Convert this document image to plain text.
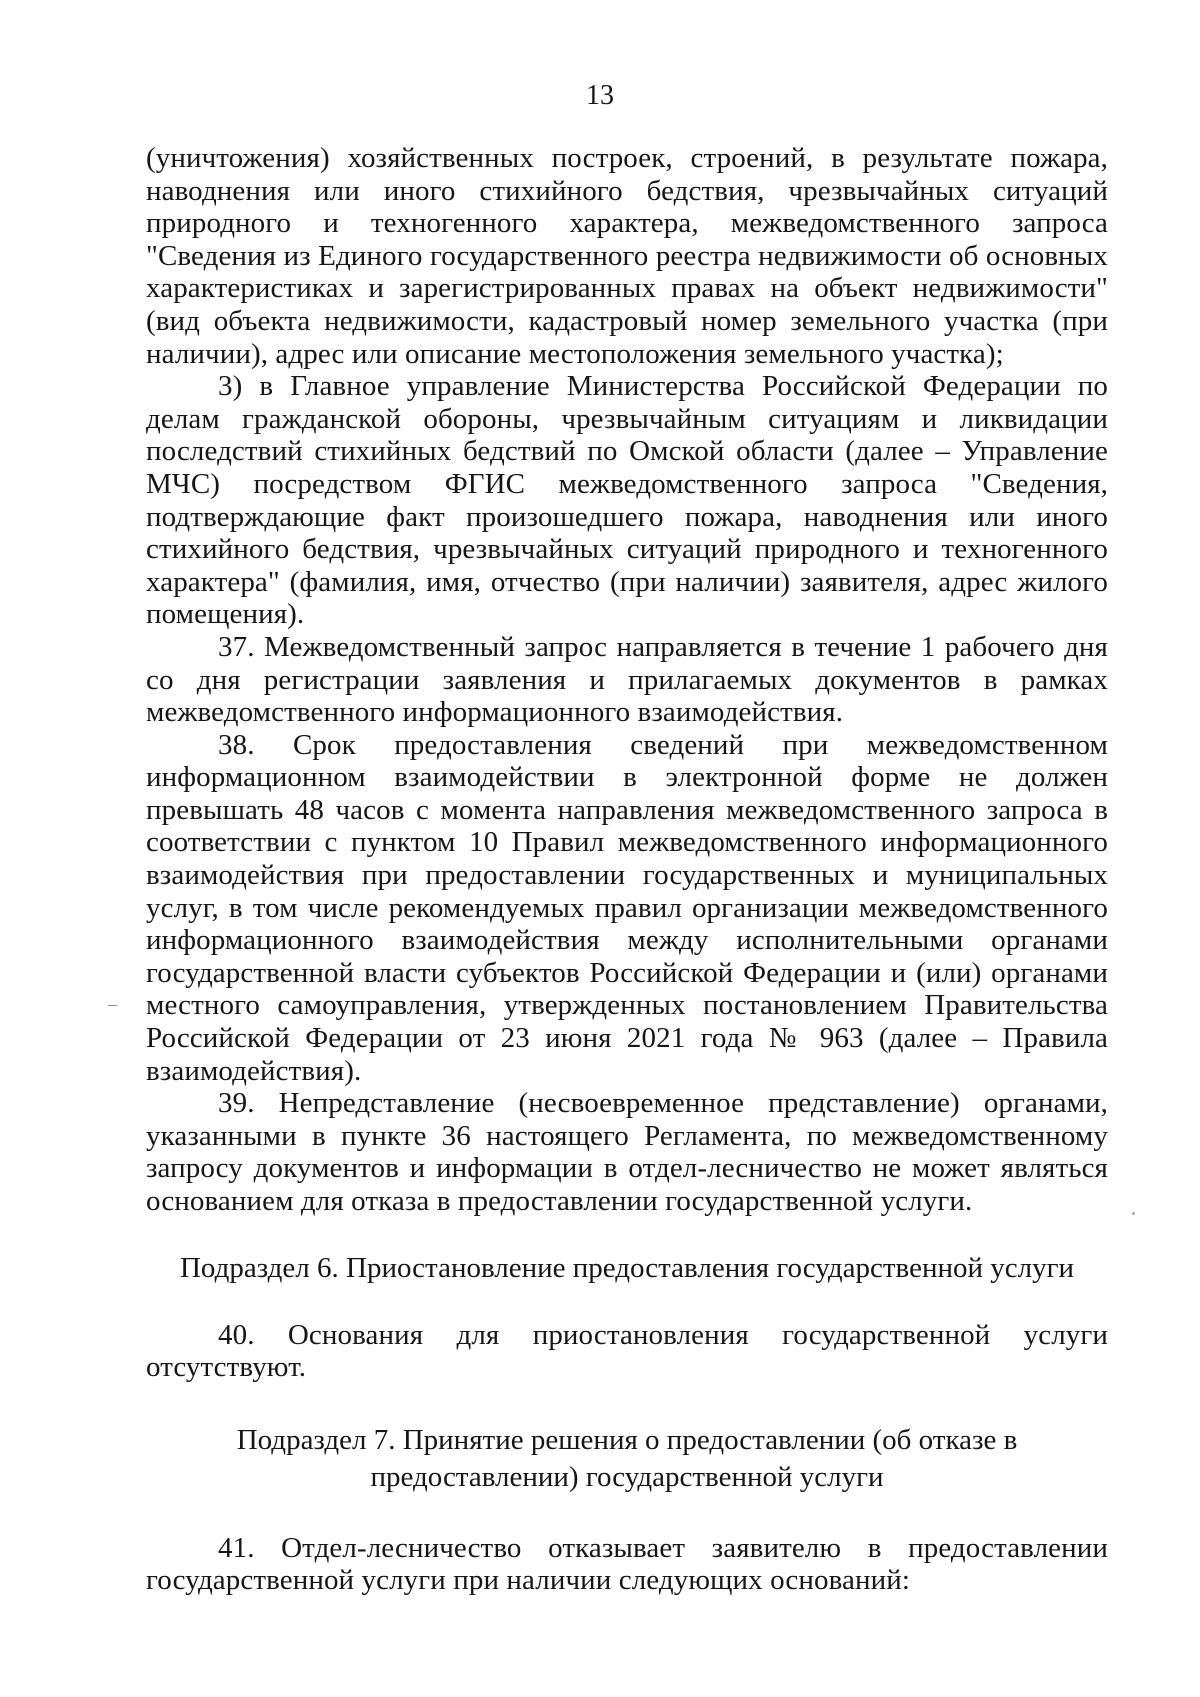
13

(уничтожения) хозяйственных построек, строений, в результате пожара, наводнения или иного стихийного бедствия, чрезвычайных ситуаций природного и техногенного характера, межведомственного запроса "Сведения из Единого государственного реестра недвижимости об основных характеристиках и зарегистрированных правах на объект недвижимости" (вид объекта недвижимости, кадастровый номер земельного участка (при наличии), адрес или описание местоположения земельного участка);

3) в Главное управление Министерства Российской Федерации по делам гражданской обороны, чрезвычайным ситуациям и ликвидации последствий стихийных бедствий по Омской области (далее – Управление МЧС) посредством ФГИС межведомственного запроса "Сведения, подтверждающие факт произошедшего пожара, наводнения или иного стихийного бедствия, чрезвычайных ситуаций природного и техногенного характера" (фамилия, имя, отчество (при наличии) заявителя, адрес жилого помещения).

37. Межведомственный запрос направляется в течение 1 рабочего дня со дня регистрации заявления и прилагаемых документов в рамках межведомственного информационного взаимодействия.

38. Срок предоставления сведений при межведомственном информационном взаимодействии в электронной форме не должен превышать 48 часов с момента направления межведомственного запроса в соответствии с пунктом 10 Правил межведомственного информационного взаимодействия при предоставлении государственных и муниципальных услуг, в том числе рекомендуемых правил организации межведомственного информационного взаимодействия между исполнительными органами государственной власти субъектов Российской Федерации и (или) органами местного самоуправления, утвержденных постановлением Правительства Российской Федерации от 23 июня 2021 года № 963 (далее – Правила взаимодействия).

39. Непредставление (несвоевременное представление) органами, указанными в пункте 36 настоящего Регламента, по межведомственному запросу документов и информации в отдел-лесничество не может являться основанием для отказа в предоставлении государственной услуги.

Подраздел 6. Приостановление предоставления государственной услуги

40. Основания для приостановления государственной услуги отсутствуют.

Подраздел 7. Принятие решения о предоставлении (об отказе в
предоставлении) государственной услуги

41. Отдел-лесничество отказывает заявителю в предоставлении государственной услуги при наличии следующих оснований:
